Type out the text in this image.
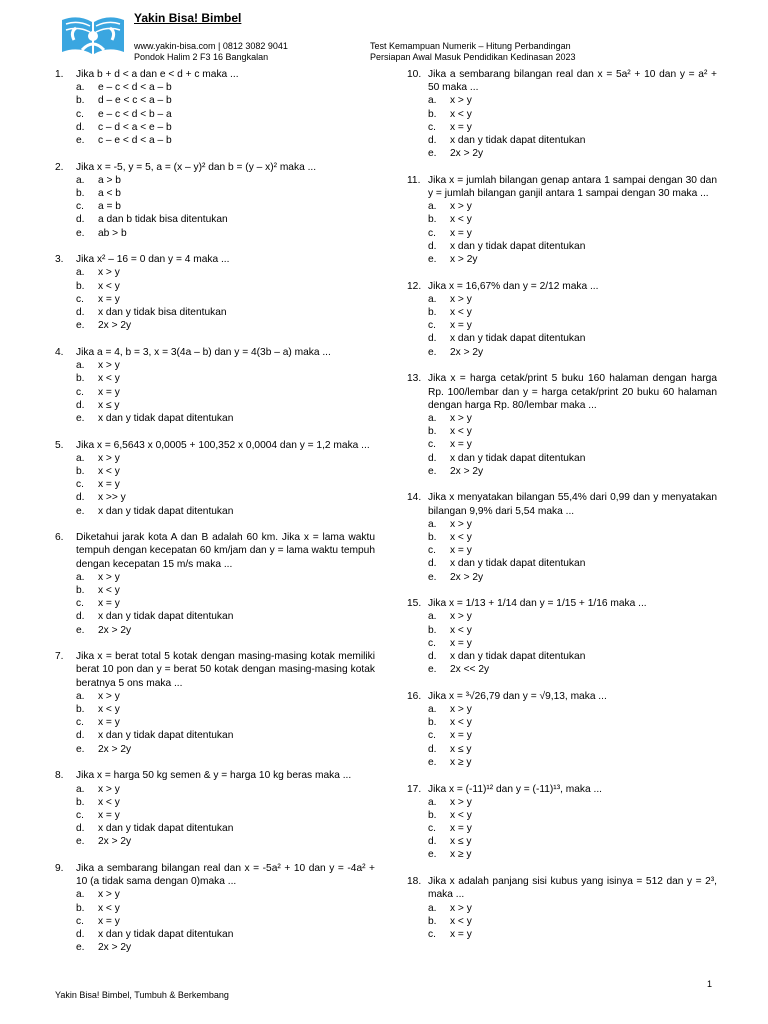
Yakin Bisa! Bimbel
www.yakin-bisa.com | 0812 3082 9041
Pondok Halim 2 F3 16 Bangkalan
Test Kemampuan Numerik – Hitung Perbandingan
Persiapan Awal Masuk Pendidikan Kedinasan 2023
1.	Jika b + d < a dan e < d + c maka ...
a. e – c < d < a – b
b. d – e < c < a – b
c. e – c < d < b – a
d. c – d < a < e – b
e. c – e < d < a – b
2.	Jika x = -5, y = 5, a = (x – y)² dan b = (y – x)² maka ...
a. a > b
b. a < b
c. a = b
d. a dan b tidak bisa ditentukan
e. ab > b
3.	Jika x² – 16 = 0 dan y = 4 maka ...
a. x > y
b. x < y
c. x = y
d. x dan y tidak bisa ditentukan
e. 2x > 2y
4.	Jika a = 4, b = 3, x = 3(4a – b) dan y = 4(3b – a) maka ...
a. x > y
b. x < y
c. x = y
d. x ≤ y
e. x dan y tidak dapat ditentukan
5.	Jika x = 6,5643 x 0,0005 + 100,352 x 0,0004 dan y = 1,2 maka ...
a. x > y
b. x < y
c. x = y
d. x >> y
e. x dan y tidak dapat ditentukan
6.	Diketahui jarak kota A dan B adalah 60 km. Jika x = lama waktu tempuh dengan kecepatan 60 km/jam dan y = lama waktu tempuh dengan kecepatan 15 m/s maka ...
a. x > y
b. x < y
c. x = y
d. x dan y tidak dapat ditentukan
e. 2x > 2y
7.	Jika x = berat total 5 kotak dengan masing-masing kotak memiliki berat 10 pon dan y = berat 50 kotak dengan masing-masing kotak beratnya 5 ons maka ...
a. x > y
b. x < y
c. x = y
d. x dan y tidak dapat ditentukan
e. 2x > 2y
8.	Jika x = harga 50 kg semen & y = harga 10 kg beras maka ...
a. x > y
b. x < y
c. x = y
d. x dan y tidak dapat ditentukan
e. 2x > 2y
9.	Jika a sembarang bilangan real dan x = -5a² + 10 dan y = -4a² + 10 (a tidak sama dengan 0)maka ...
a. x > y
b. x < y
c. x = y
d. x dan y tidak dapat ditentukan
e. 2x > 2y
10. Jika a sembarang bilangan real dan x = 5a² + 10 dan y = a² + 50 maka ...
a. x > y
b. x < y
c. x = y
d. x dan y tidak dapat ditentukan
e. 2x > 2y
11. Jika x = jumlah bilangan genap antara 1 sampai dengan 30 dan y = jumlah bilangan ganjil antara 1 sampai dengan 30 maka ...
a. x > y
b. x < y
c. x = y
d. x dan y tidak dapat ditentukan
e. x > 2y
12. Jika x = 16,67% dan y = 2/12 maka ...
a. x > y
b. x < y
c. x = y
d. x dan y tidak dapat ditentukan
e. 2x > 2y
13. Jika x = harga cetak/print 5 buku 160 halaman dengan harga Rp. 100/lembar dan y = harga cetak/print 20 buku 60 halaman dengan harga Rp. 80/lembar maka ...
a. x > y
b. x < y
c. x = y
d. x dan y tidak dapat ditentukan
e. 2x > 2y
14. Jika x menyatakan bilangan 55,4% dari 0,99 dan y menyatakan bilangan 9,9% dari 5,54 maka ...
a. x > y
b. x < y
c. x = y
d. x dan y tidak dapat ditentukan
e. 2x > 2y
15. Jika x = 1/13 + 1/14 dan y = 1/15 + 1/16 maka ...
a. x > y
b. x < y
c. x = y
d. x dan y tidak dapat ditentukan
e. 2x << 2y
16. Jika x = ³√26,79 dan y = √9,13, maka ...
a. x > y
b. x < y
c. x = y
d. x ≤ y
e. x ≥ y
17. Jika x = (-11)¹² dan y = (-11)¹³, maka ...
a. x > y
b. x < y
c. x = y
d. x ≤ y
e. x ≥ y
18. Jika x adalah panjang sisi kubus yang isinya = 512 dan y = 2³, maka ...
a. x > y
b. x < y
c. x = y
Yakin Bisa! Bimbel, Tumbuh & Berkembang
1
